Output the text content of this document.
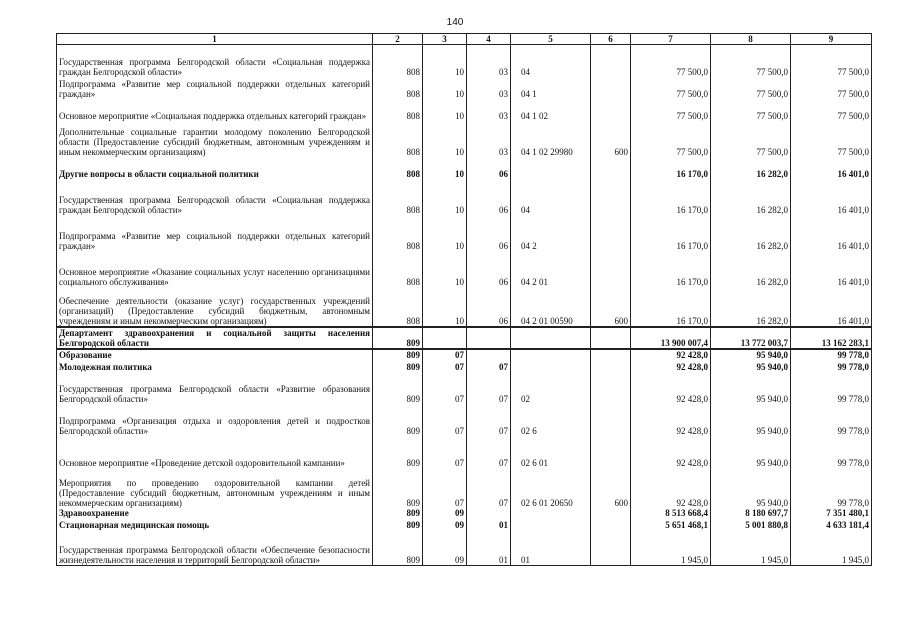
140
1	2	3	4	5	6	7	8	9
Государственная программа Белгородской области «Социальная поддержка граждан Белгородской области»	808	10	03	04		77 500,0	77 500,0	77 500,0
Подпрограмма «Развитие мер социальной поддержки отдельных категорий граждан»	808	10	03	04 1		77 500,0	77 500,0	77 500,0
Основное мероприятие «Социальная поддержка отдельных категорий граждан»	808	10	03	04 1 02		77 500,0	77 500,0	77 500,0
Дополнительные социальные гарантии молодому поколению Белгородской области (Предоставление субсидий бюджетным, автономным учреждениям и иным некоммерческим организациям)	808	10	03	04 1 02 29980	600	77 500,0	77 500,0	77 500,0
Другие вопросы в области социальной политики	808	10	06			16 170,0	16 282,0	16 401,0
Государственная программа Белгородской области «Социальная поддержка граждан Белгородской области»	808	10	06	04		16 170,0	16 282,0	16 401,0
Подпрограмма «Развитие мер социальной поддержки отдельных категорий граждан»	808	10	06	04 2		16 170,0	16 282,0	16 401,0
Основное мероприятие «Оказание социальных услуг населению организациями социального обслуживания»	808	10	06	04 2 01		16 170,0	16 282,0	16 401,0
Обеспечение деятельности (оказание услуг) государственных учреждений (организаций) (Предоставление субсидий бюджетным, автономным учреждениям и иным некоммерческим организациям)	808	10	06	04 2 01 00590	600	16 170,0	16 282,0	16 401,0
Департамент здравоохранения и социальной защиты населения Белгородской области	809					13 900 007,4	13 772 003,7	13 162 283,1
Образование	809	07				92 428,0	95 940,0	99 778,0
Молодежная политика	809	07	07			92 428,0	95 940,0	99 778,0
Государственная программа Белгородской области «Развитие образования Белгородской области»	809	07	07	02		92 428,0	95 940,0	99 778,0
Подпрограмма «Организация отдыха и оздоровления детей и подростков Белгородской области»	809	07	07	02 6		92 428,0	95 940,0	99 778,0
Основное мероприятие «Проведение детской оздоровительной кампании»	809	07	07	02 6 01		92 428,0	95 940,0	99 778,0
Мероприятия по проведению оздоровительной кампании детей (Предоставление субсидий бюджетным, автономным учреждениям и иным некоммерческим организациям)	809	07	07	02 6 01 20650	600	92 428,0	95 940,0	99 778,0
Здравоохранение	809	09				8 513 668,4	8 180 697,7	7 351 480,1
Стационарная медицинская помощь	809	09	01			5 651 468,1	5 001 880,8	4 633 181,4
Государственная программа Белгородской области «Обеспечение безопасности жизнедеятельности населения и территорий Белгородской области»	809	09	01	01		1 945,0	1 945,0	1 945,0
